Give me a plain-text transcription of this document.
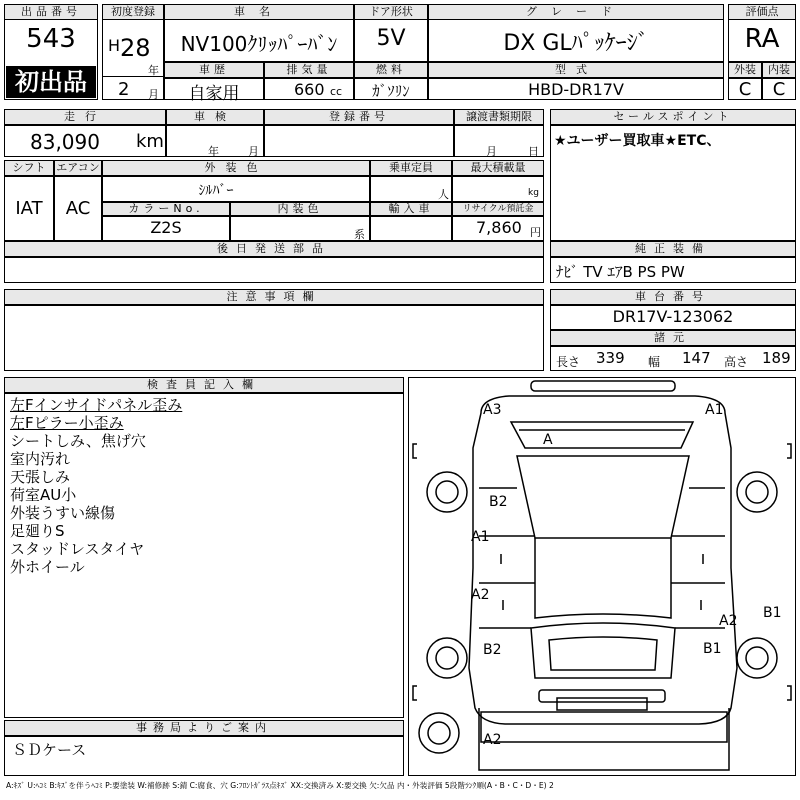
出品番号
543
初出品
初度登録
H 28
年
2 月
車名
NV100ｸﾘｯﾊﾟｰﾊﾞﾝ
ドア形状
5V
グレード
DX GLﾊﾟｯｹｰｼﾞ
評価点
RA
車歴
自家用
排気量
660 cc
燃料
ｶﾞｿﾘﾝ
型式
HBD-DR17V
外装	内装
C	C
走行
83,090 km
車検
年	月
登録番号	譲渡書類期限
月	日
セールスポイント
★ユーザー買取車★ETC、
シフト
IAT
エアコン
AC
外装色
ｼﾙﾊﾞｰ
乗車定員
人
最大積載量
kg
カラーNo.
Z2S
内装色
系
輸入車	リサイクル預託金
7,860 円
後日発送部品	純正装備
ﾅﾋﾞ TV ｴｱB PS PW
注意事項欄	車台番号
DR17V-123062
諸元
長さ 339 幅 147 高さ 189
検査員記入欄
左Fインサイドパネル歪み
左Fピラー小歪み
シートしみ、焦げ穴
室内汚れ
天張しみ
荷室AU小
外装うすい線傷
足廻りS
スタッドレスタイヤ
外ホイール
事務局よりご案内
ＳＤケース
A3	A1
A
B2
A1
A2
B2
A2 B1
B1
A2
A:ｷｽﾞ U:ﾍｺﾐ B:ｷｽﾞを伴うﾍｺﾐ P:要塗装 W:補修跡 S:錆 C:腐食、穴 G:ﾌﾛﾝﾄｶﾞﾗｽ点ｷｽﾞ XX:交換済み X:要交換 欠:欠品 内・外装評価 5段階ﾗﾝｸ順(A・B・C・D・E) 2
